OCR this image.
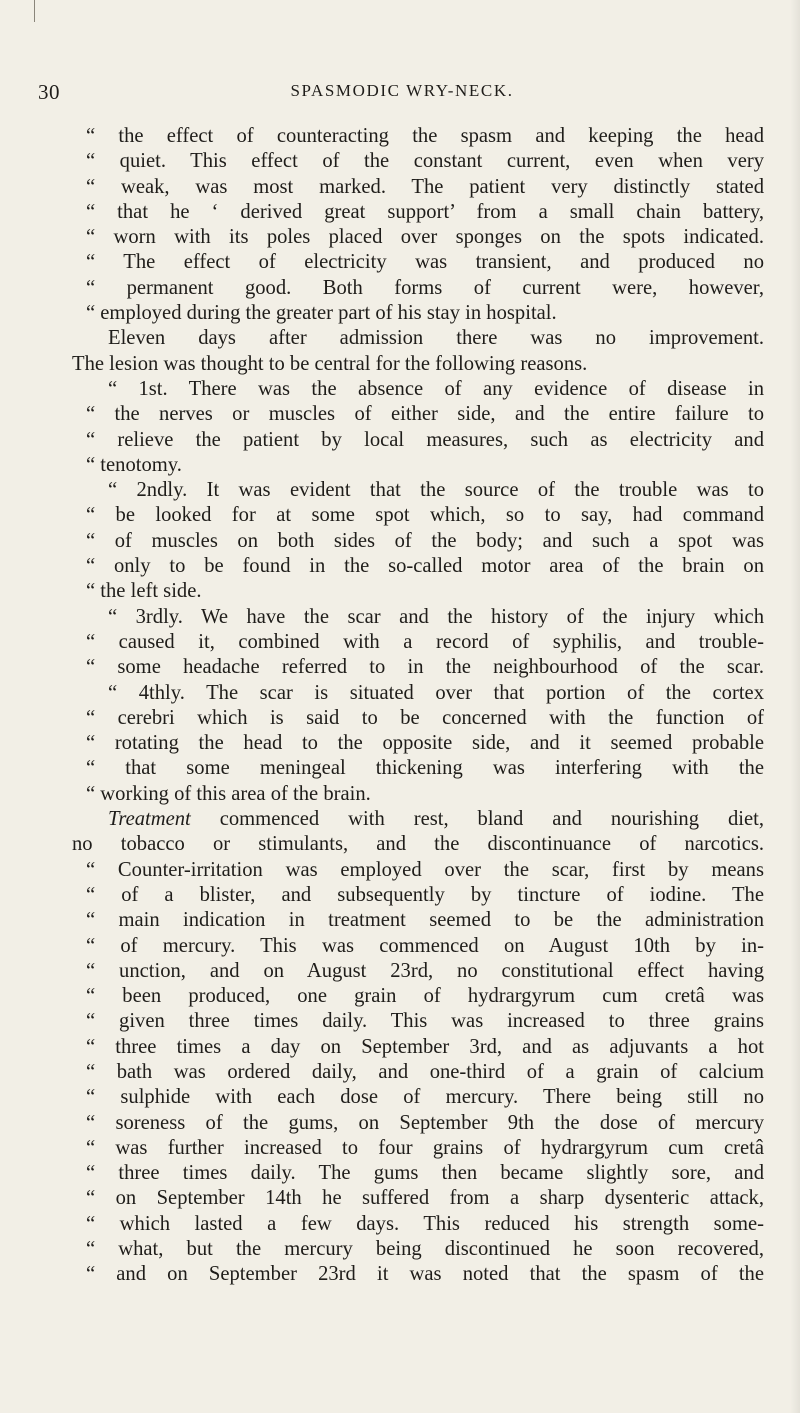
30	SPASMODIC WRY-NECK.
“ the effect of counteracting the spasm and keeping the head
“ quiet. This effect of the constant current, even when very
“ weak, was most marked. The patient very distinctly stated
“ that he ‘ derived great support’ from a small chain battery,
“ worn with its poles placed over sponges on the spots indicated.
“ The effect of electricity was transient, and produced no
“ permanent good. Both forms of current were, however,
“ employed during the greater part of his stay in hospital.
Eleven days after admission there was no improvement.
The lesion was thought to be central for the following reasons.
“ 1st. There was the absence of any evidence of disease in
“ the nerves or muscles of either side, and the entire failure to
“ relieve the patient by local measures, such as electricity and
“ tenotomy.
“ 2ndly. It was evident that the source of the trouble was to
“ be looked for at some spot which, so to say, had command
“ of muscles on both sides of the body; and such a spot was
“ only to be found in the so-called motor area of the brain on
“ the left side.
“ 3rdly. We have the scar and the history of the injury which
“ caused it, combined with a record of syphilis, and trouble-
“ some headache referred to in the neighbourhood of the scar.
“ 4thly. The scar is situated over that portion of the cortex
“ cerebri which is said to be concerned with the function of
“ rotating the head to the opposite side, and it seemed probable
“ that some meningeal thickening was interfering with the
“ working of this area of the brain.
Treatment commenced with rest, bland and nourishing diet,
no tobacco or stimulants, and the discontinuance of narcotics.
“ Counter-irritation was employed over the scar, first by means
“ of a blister, and subsequently by tincture of iodine. The
“ main indication in treatment seemed to be the administration
“ of mercury. This was commenced on August 10th by in-
“ unction, and on August 23rd, no constitutional effect having
“ been produced, one grain of hydrargyrum cum cretâ was
“ given three times daily. This was increased to three grains
“ three times a day on September 3rd, and as adjuvants a hot
“ bath was ordered daily, and one-third of a grain of calcium
“ sulphide with each dose of mercury. There being still no
“ soreness of the gums, on September 9th the dose of mercury
“ was further increased to four grains of hydrargyrum cum cretâ
“ three times daily. The gums then became slightly sore, and
“ on September 14th he suffered from a sharp dysenteric attack,
“ which lasted a few days. This reduced his strength some-
“ what, but the mercury being discontinued he soon recovered,
“ and on September 23rd it was noted that the spasm of the
